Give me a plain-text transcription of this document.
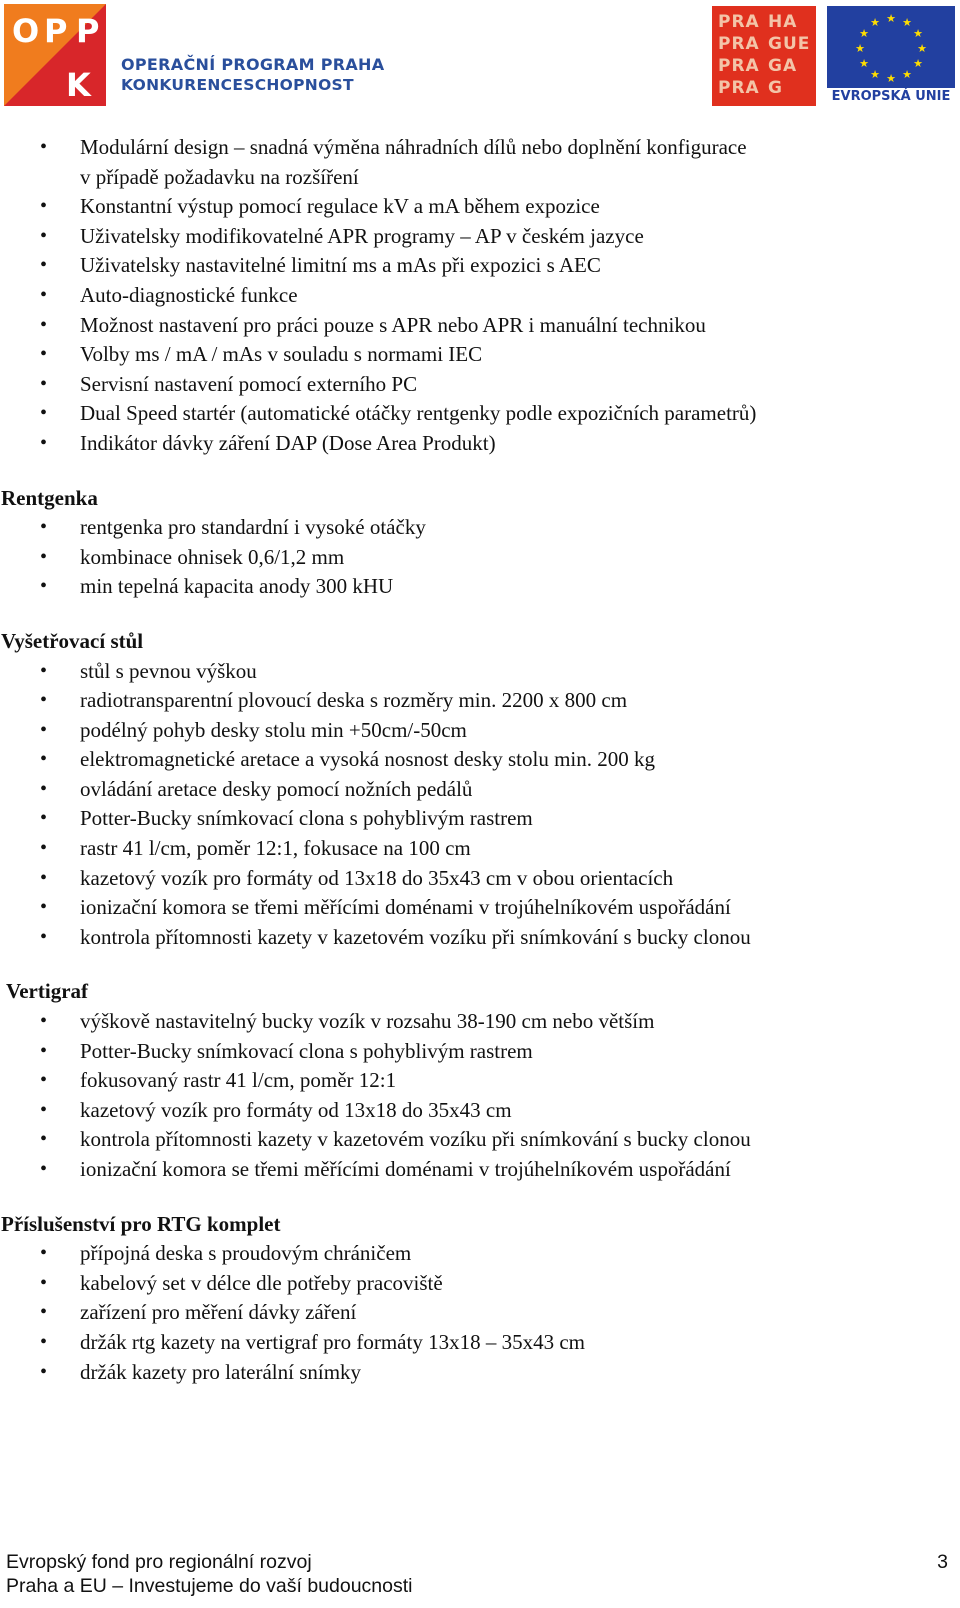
O P P
K
OPERAČNÍ PROGRAM PRAHA
KONKURENCESCHOPNOST
PRA HA
PRA GUE
PRA GA
PRA G
★ ★
★
★
★
★
★
★
★
★
★
★
EVROPSKÁ UNIE
• Modulární design – snadná výměna náhradních dílů nebo doplnění konfigurace
v případě požadavku na rozšíření
• Konstantní výstup pomocí regulace kV a mA během expozice
• Uživatelsky modifikovatelné APR programy – AP v českém jazyce
• Uživatelsky nastavitelné limitní ms a mAs při expozici s AEC
• Auto-diagnostické funkce
• Možnost nastavení pro práci pouze s APR nebo APR i manuální technikou
• Volby ms / mA / mAs v souladu s normami IEC
• Servisní nastavení pomocí externího PC
• Dual Speed startér (automatické otáčky rentgenky podle expozičních parametrů)
• Indikátor dávky záření DAP (Dose Area Produkt)
Rentgenka
• rentgenka pro standardní i vysoké otáčky
• kombinace ohnisek 0,6/1,2 mm
• min tepelná kapacita anody 300 kHU
Vyšetřovací stůl
• stůl s pevnou výškou
• radiotransparentní plovoucí deska s rozměry min. 2200 x 800 cm
• podélný pohyb desky stolu min +50cm/-50cm
• elektromagnetické aretace a vysoká nosnost desky stolu min. 200 kg
• ovládání aretace desky pomocí nožních pedálů
• Potter-Bucky snímkovací clona s pohyblivým rastrem
• rastr 41 l/cm, poměr 12:1, fokusace na 100 cm
• kazetový vozík pro formáty od 13x18 do 35x43 cm v obou orientacích
• ionizační komora se třemi měřícími doménami v trojúhelníkovém uspořádání
• kontrola přítomnosti kazety v kazetovém vozíku při snímkování s bucky clonou
Vertigraf
• výškově nastavitelný bucky vozík v rozsahu 38-190 cm nebo větším
• Potter-Bucky snímkovací clona s pohyblivým rastrem
• fokusovaný rastr 41 l/cm, poměr 12:1
• kazetový vozík pro formáty od 13x18 do 35x43 cm
• kontrola přítomnosti kazety v kazetovém vozíku při snímkování s bucky clonou
• ionizační komora se třemi měřícími doménami v trojúhelníkovém uspořádání
Příslušenství pro RTG komplet
• přípojná deska s proudovým chráničem
• kabelový set v délce dle potřeby pracoviště
• zařízení pro měření dávky záření
• držák rtg kazety na vertigraf pro formáty 13x18 – 35x43 cm
• držák kazety pro laterální snímky
Evropský fond pro regionální rozvoj
Praha a EU – Investujeme do vaší budoucnosti
3
